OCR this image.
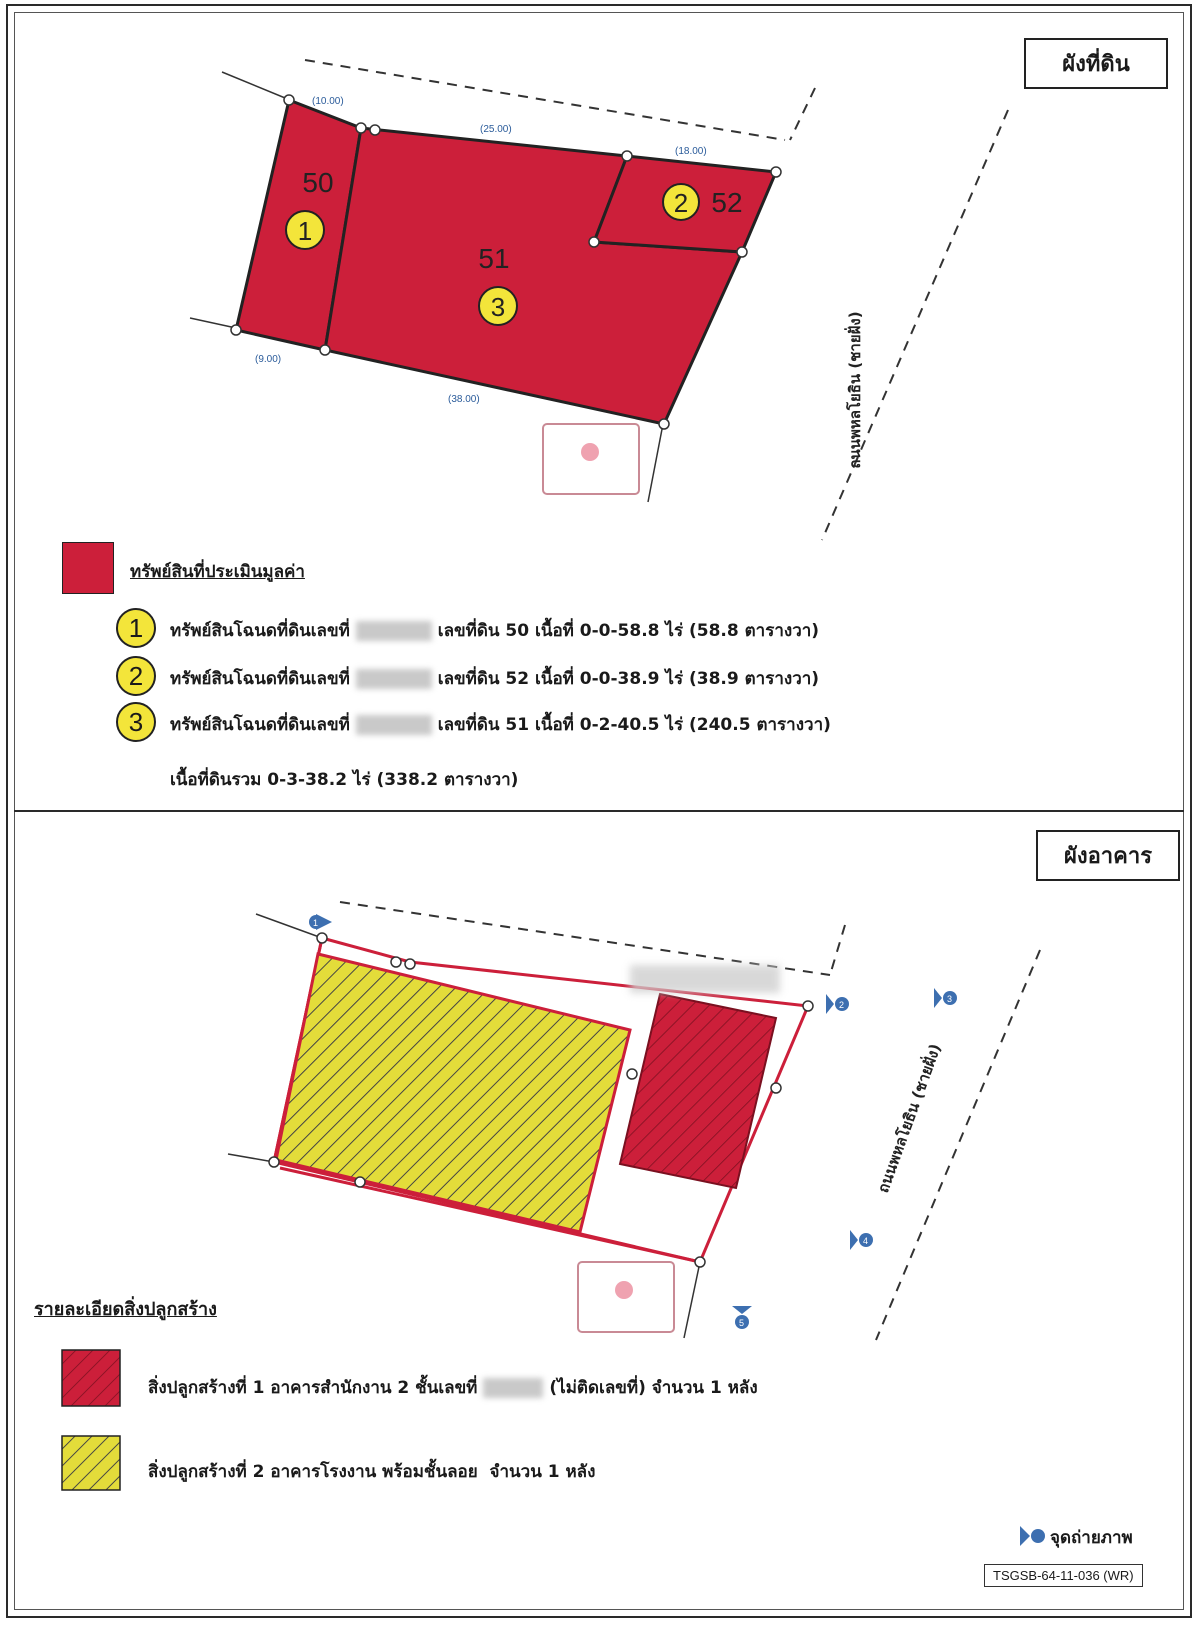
ผังที่ดิน
(10.00)
(25.00)
(18.00)
(9.00)
(38.00)
50
51
52
1
3
2
ถนนพหลโยธิน (ชายฝั่ง)
ทรัพย์สินที่ประเมินมูลค่า
1	ทรัพย์สินโฉนดที่ดินเลขที่	เลขที่ดิน 50 เนื้อที่ 0-0-58.8 ไร่ (58.8 ตารางวา)
2	ทรัพย์สินโฉนดที่ดินเลขที่	เลขที่ดิน 52 เนื้อที่ 0-0-38.9 ไร่ (38.9 ตารางวา)
3	ทรัพย์สินโฉนดที่ดินเลขที่	เลขที่ดิน 51 เนื้อที่ 0-2-40.5 ไร่ (240.5 ตารางวา)
เนื้อที่ดินรวม 0-3-38.2 ไร่ (338.2 ตารางวา)
ผังอาคาร
1
2
3
4
5
ถนนพหลโยธิน (ชายฝั่ง)
รายละเอียดสิ่งปลูกสร้าง
สิ่งปลูกสร้างที่ 1 อาคารสำนักงาน 2 ชั้นเลขที่	(ไม่ติดเลขที่) จำนวน 1 หลัง
สิ่งปลูกสร้างที่ 2 อาคารโรงงาน พร้อมชั้นลอย จำนวน 1 หลัง
จุดถ่ายภาพ
TSGSB-64-11-036 (WR)
